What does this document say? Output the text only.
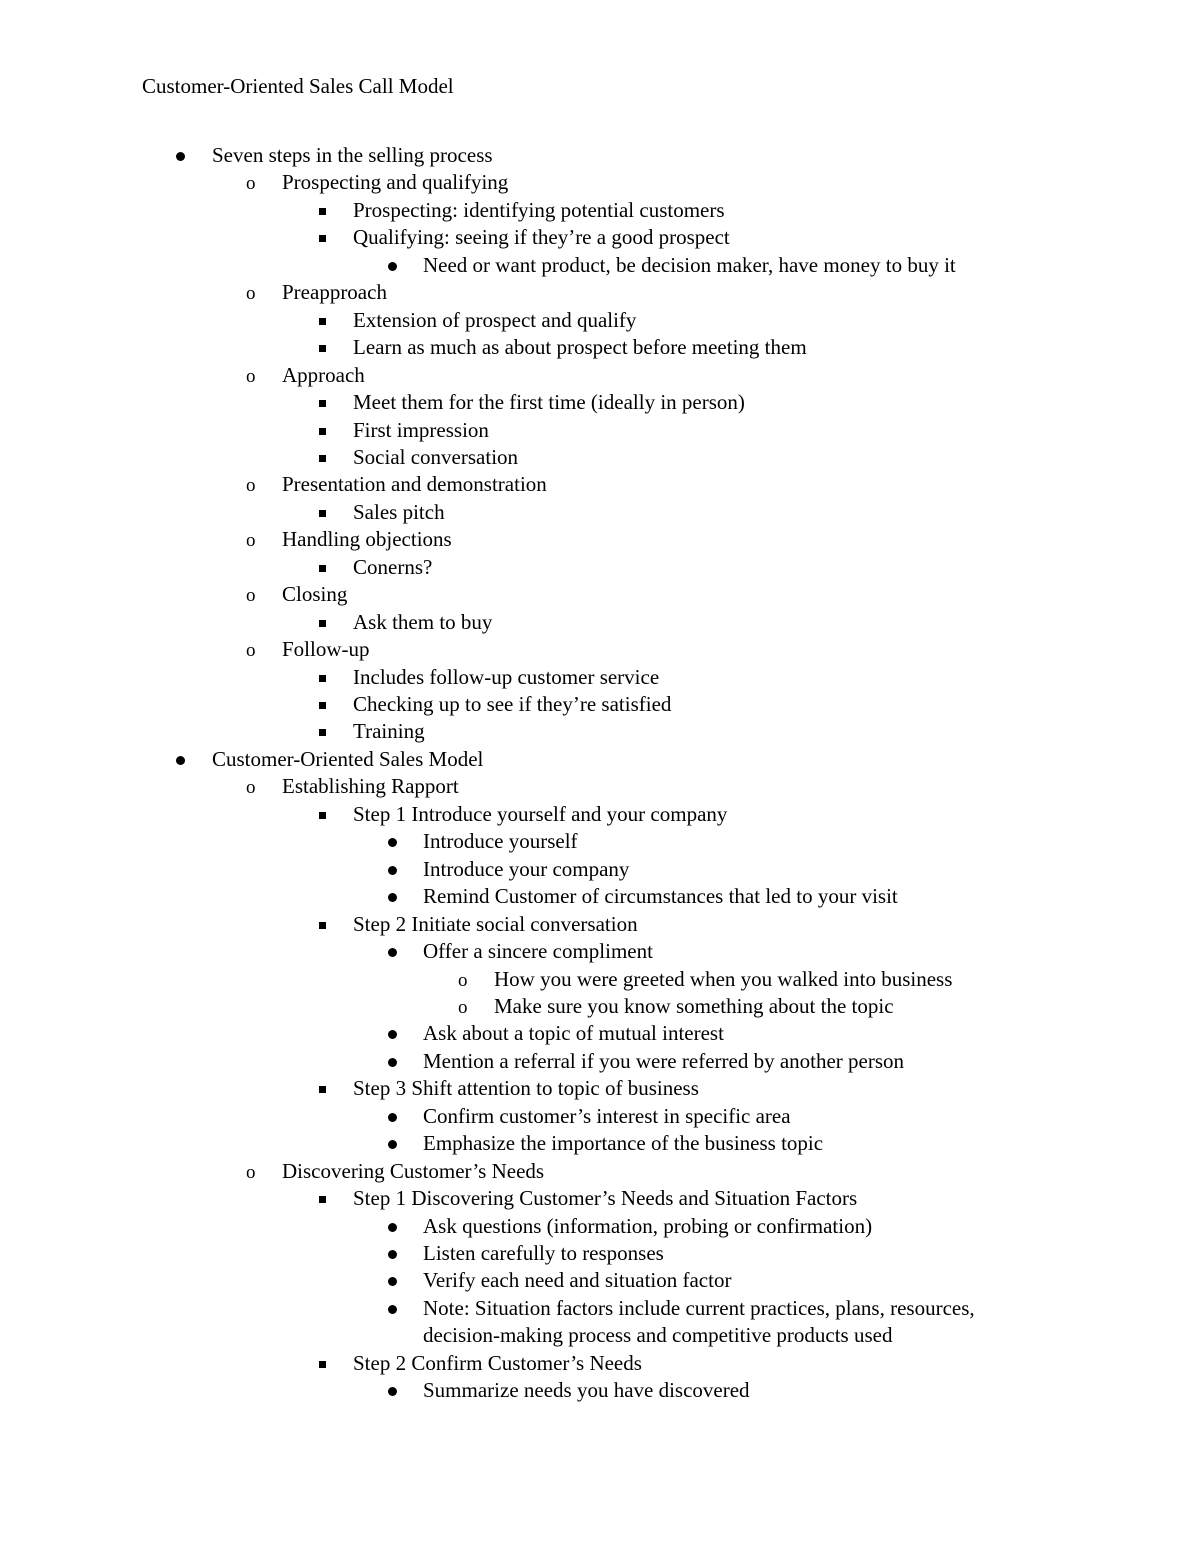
Customer-Oriented Sales Call Model
Seven steps in the selling process
Prospecting and qualifying
o
Prospecting: identifying potential customers
Qualifying: seeing if they’re a good prospect
Need or want product, be decision maker, have money to buy it
Preapproach
o
Extension of prospect and qualify
Learn as much as about prospect before meeting them
Approach
o
Meet them for the first time (ideally in person)
First impression
Social conversation
Presentation and demonstration
o
Sales pitch
Handling objections
o
Conerns?
Closing
o
Ask them to buy
Follow-up
o
Includes follow-up customer service
Checking up to see if they’re satisfied
Training
Customer-Oriented Sales Model
Establishing Rapport
o
Step 1 Introduce yourself and your company
Introduce yourself
Introduce your company
Remind Customer of circumstances that led to your visit
Step 2 Initiate social conversation
Offer a sincere compliment
How you were greeted when you walked into business
o
Make sure you know something about the topic
o
Ask about a topic of mutual interest
Mention a referral if you were referred by another person
Step 3 Shift attention to topic of business
Confirm customer’s interest in specific area
Emphasize the importance of the business topic
Discovering Customer’s Needs
o
Step 1 Discovering Customer’s Needs and Situation Factors
Ask questions (information, probing or confirmation)
Listen carefully to responses
Verify each need and situation factor
Note: Situation factors include current practices, plans, resources,
decision-making process and competitive products used
Step 2 Confirm Customer’s Needs
Summarize needs you have discovered
